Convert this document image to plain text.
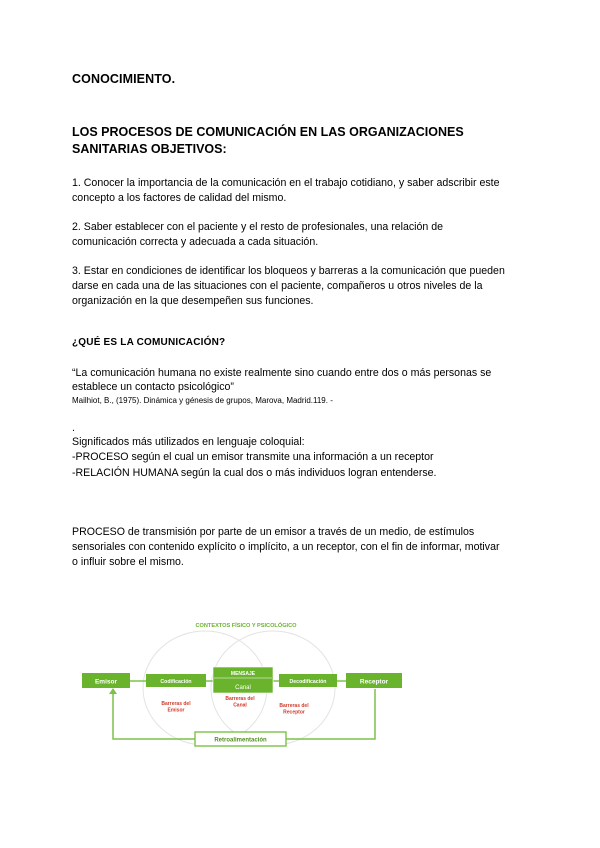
CONOCIMIENTO.
LOS PROCESOS DE COMUNICACIÓN EN LAS ORGANIZACIONES
SANITARIAS OBJETIVOS:
1. Conocer la importancia de la comunicación en el trabajo cotidiano, y saber adscribir este
concepto a los factores de calidad del mismo.
2. Saber establecer con el paciente y el resto de profesionales, una relación de
comunicación correcta y adecuada a cada situación.
3. Estar en condiciones de identificar los bloqueos y barreras a la comunicación que pueden
darse en cada una de las situaciones con el paciente, compañeros u otros niveles de la
organización en la que desempeñen sus funciones.
¿QUÉ ES LA COMUNICACIÓN?
“La comunicación humana no existe realmente sino cuando entre dos o más personas se
establece un contacto psicológico”
Mailhiot, B., (1975). Dinámica y génesis de grupos, Marova, Madrid.119. -
.
Significados más utilizados en lenguaje coloquial:
-PROCESO según el cual un emisor transmite una información a un receptor
-RELACIÓN HUMANA según la cual dos o más individuos logran entenderse.
PROCESO de transmisión por parte de un emisor a través de un medio, de estímulos
sensoriales con contenido explícito o implícito, a un receptor, con el fin de informar, motivar
o influir sobre el mismo.
CONTEXTOS FÍSICO Y PSICOLÓGICO
Emisor	Codificación
MENSAJE
Canal
Decodificación	Receptor
Barreras del
Emisor
Barreras del
Canal	Barreras del
Receptor
Retroalimentación
